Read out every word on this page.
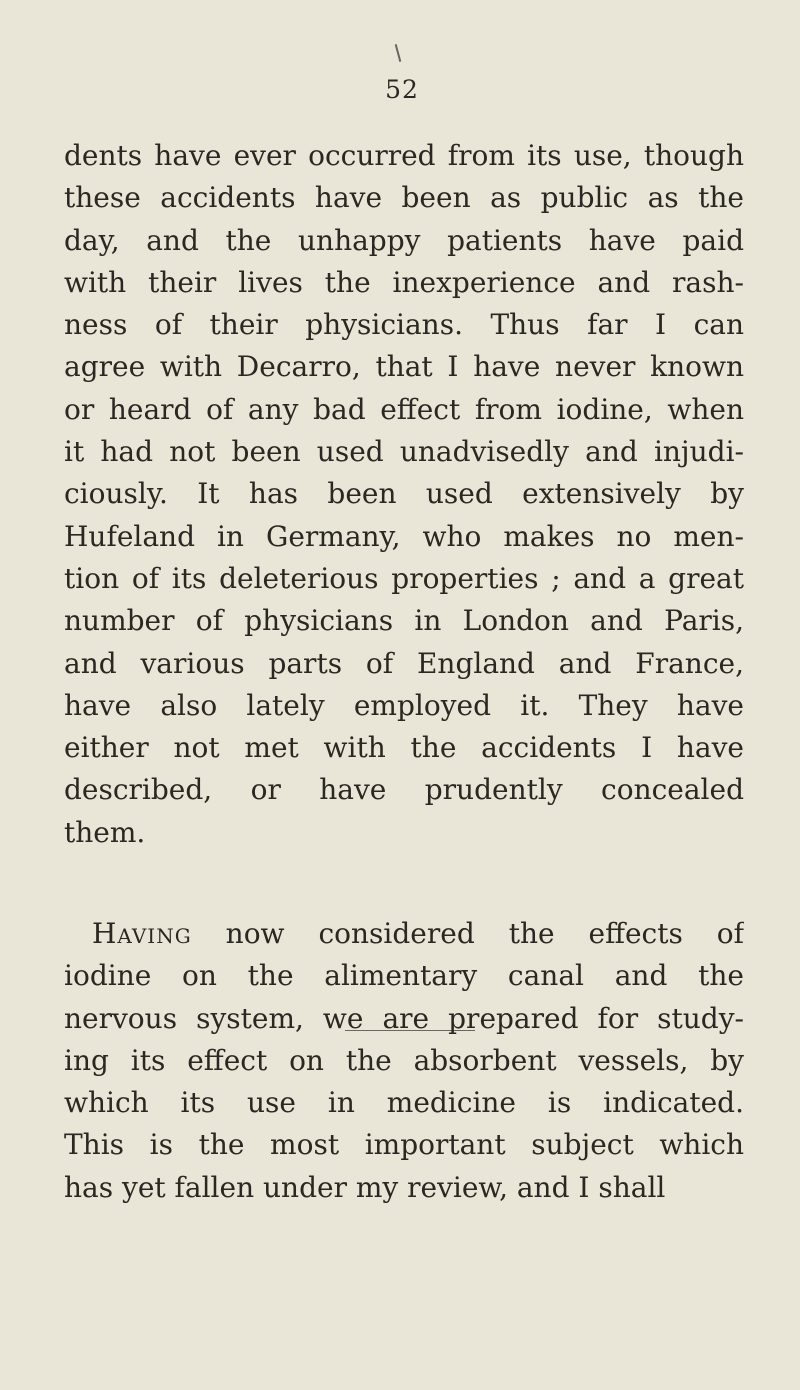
52
dents have ever occurred from its use, though
these accidents have been as public as the
day, and the unhappy patients have paid
with their lives the inexperience and rash-
ness of their physicians. Thus far I can
agree with Decarro, that I have never known
or heard of any bad effect from iodine, when
it had not been used unadvisedly and injudi-
ciously. It has been used extensively by
Hufeland in Germany, who makes no men-
tion of its deleterious properties ; and a great
number of physicians in London and Paris,
and various parts of England and France,
have also lately employed it. They have
either not met with the accidents I have
described, or have prudently concealed
them.

Having now considered the effects of
iodine on the alimentary canal and the
nervous system, we are prepared for study-
ing its effect on the absorbent vessels, by
which its use in medicine is indicated.
This is the most important subject which
has yet fallen under my review, and I shall
